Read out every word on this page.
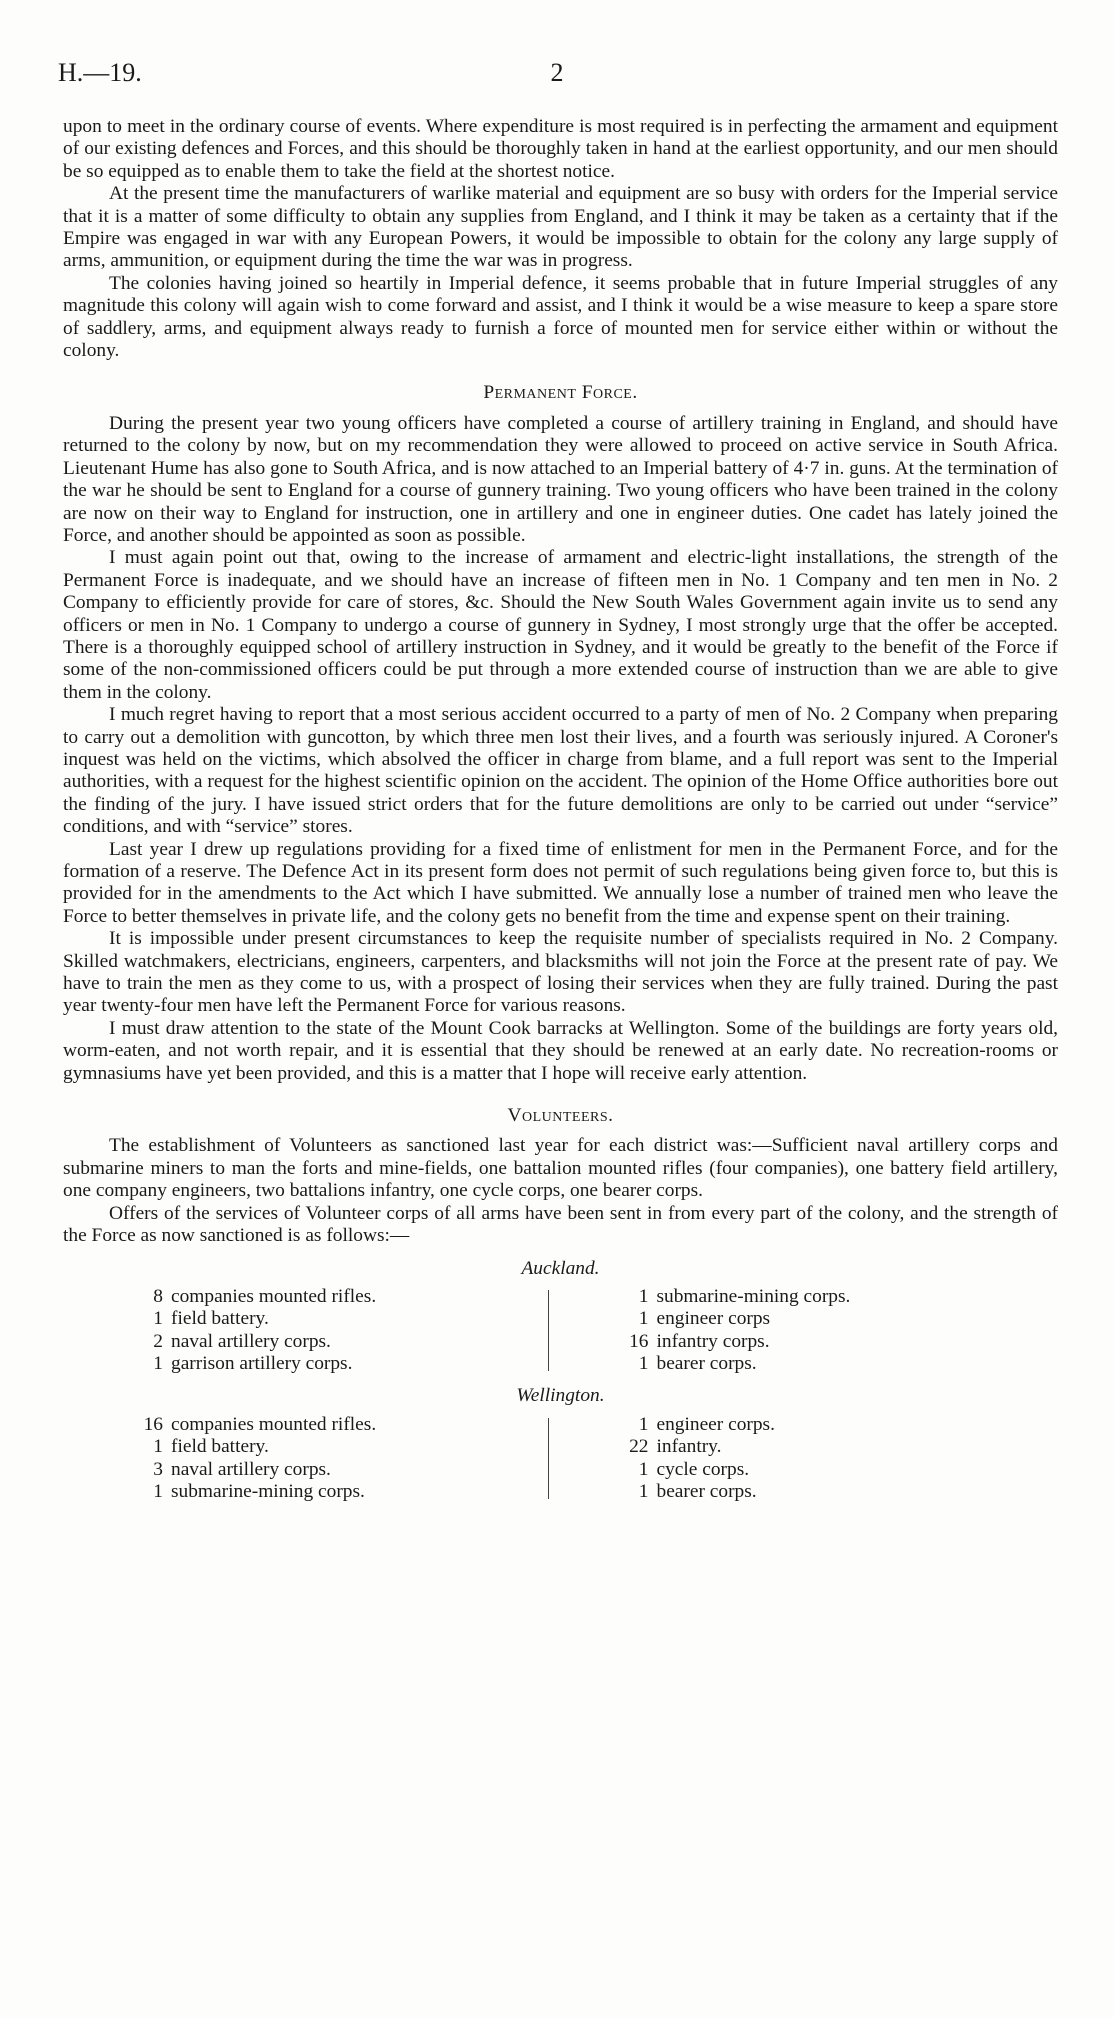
H.—19.	2

upon to meet in the ordinary course of events. Where expenditure is most required is in perfecting the armament and equipment of our existing defences and Forces, and this should be thoroughly taken in hand at the earliest opportunity, and our men should be so equipped as to enable them to take the field at the shortest notice.

At the present time the manufacturers of warlike material and equipment are so busy with orders for the Imperial service that it is a matter of some difficulty to obtain any supplies from England, and I think it may be taken as a certainty that if the Empire was engaged in war with any European Powers, it would be impossible to obtain for the colony any large supply of arms, ammunition, or equipment during the time the war was in progress.

The colonies having joined so heartily in Imperial defence, it seems probable that in future Imperial struggles of any magnitude this colony will again wish to come forward and assist, and I think it would be a wise measure to keep a spare store of saddlery, arms, and equipment always ready to furnish a force of mounted men for service either within or without the colony.

Permanent Force.

During the present year two young officers have completed a course of artillery training in England, and should have returned to the colony by now, but on my recommendation they were allowed to proceed on active service in South Africa. Lieutenant Hume has also gone to South Africa, and is now attached to an Imperial battery of 4·7 in. guns. At the termination of the war he should be sent to England for a course of gunnery training. Two young officers who have been trained in the colony are now on their way to England for instruction, one in artillery and one in engineer duties. One cadet has lately joined the Force, and another should be appointed as soon as possible.

I must again point out that, owing to the increase of armament and electric-light installations, the strength of the Permanent Force is inadequate, and we should have an increase of fifteen men in No. 1 Company and ten men in No. 2 Company to efficiently provide for care of stores, &c. Should the New South Wales Government again invite us to send any officers or men in No. 1 Company to undergo a course of gunnery in Sydney, I most strongly urge that the offer be accepted. There is a thoroughly equipped school of artillery instruction in Sydney, and it would be greatly to the benefit of the Force if some of the non-commissioned officers could be put through a more extended course of instruction than we are able to give them in the colony.

I much regret having to report that a most serious accident occurred to a party of men of No. 2 Company when preparing to carry out a demolition with guncotton, by which three men lost their lives, and a fourth was seriously injured. A Coroner's inquest was held on the victims, which absolved the officer in charge from blame, and a full report was sent to the Imperial authorities, with a request for the highest scientific opinion on the accident. The opinion of the Home Office authorities bore out the finding of the jury. I have issued strict orders that for the future demolitions are only to be carried out under “service” conditions, and with “service” stores.

Last year I drew up regulations providing for a fixed time of enlistment for men in the Permanent Force, and for the formation of a reserve. The Defence Act in its present form does not permit of such regulations being given force to, but this is provided for in the amendments to the Act which I have submitted. We annually lose a number of trained men who leave the Force to better themselves in private life, and the colony gets no benefit from the time and expense spent on their training.

It is impossible under present circumstances to keep the requisite number of specialists required in No. 2 Company. Skilled watchmakers, electricians, engineers, carpenters, and blacksmiths will not join the Force at the present rate of pay. We have to train the men as they come to us, with a prospect of losing their services when they are fully trained. During the past year twenty-four men have left the Permanent Force for various reasons.

I must draw attention to the state of the Mount Cook barracks at Wellington. Some of the buildings are forty years old, worm-eaten, and not worth repair, and it is essential that they should be renewed at an early date. No recreation-rooms or gymnasiums have yet been provided, and this is a matter that I hope will receive early attention.

Volunteers.

The establishment of Volunteers as sanctioned last year for each district was:—Sufficient naval artillery corps and submarine miners to man the forts and mine-fields, one battalion mounted rifles (four companies), one battery field artillery, one company engineers, two battalions infantry, one cycle corps, one bearer corps.

Offers of the services of Volunteer corps of all arms have been sent in from every part of the colony, and the strength of the Force as now sanctioned is as follows:—

Auckland.
8 companies mounted rifles.
1 field battery.
2 naval artillery corps.
1 garrison artillery corps.
1 submarine-mining corps.
1 engineer corps
16 infantry corps.
1 bearer corps.
Wellington.
16 companies mounted rifles.
1 field battery.
3 naval artillery corps.
1 submarine-mining corps.
1 engineer corps.
22 infantry.
1 cycle corps.
1 bearer corps.
